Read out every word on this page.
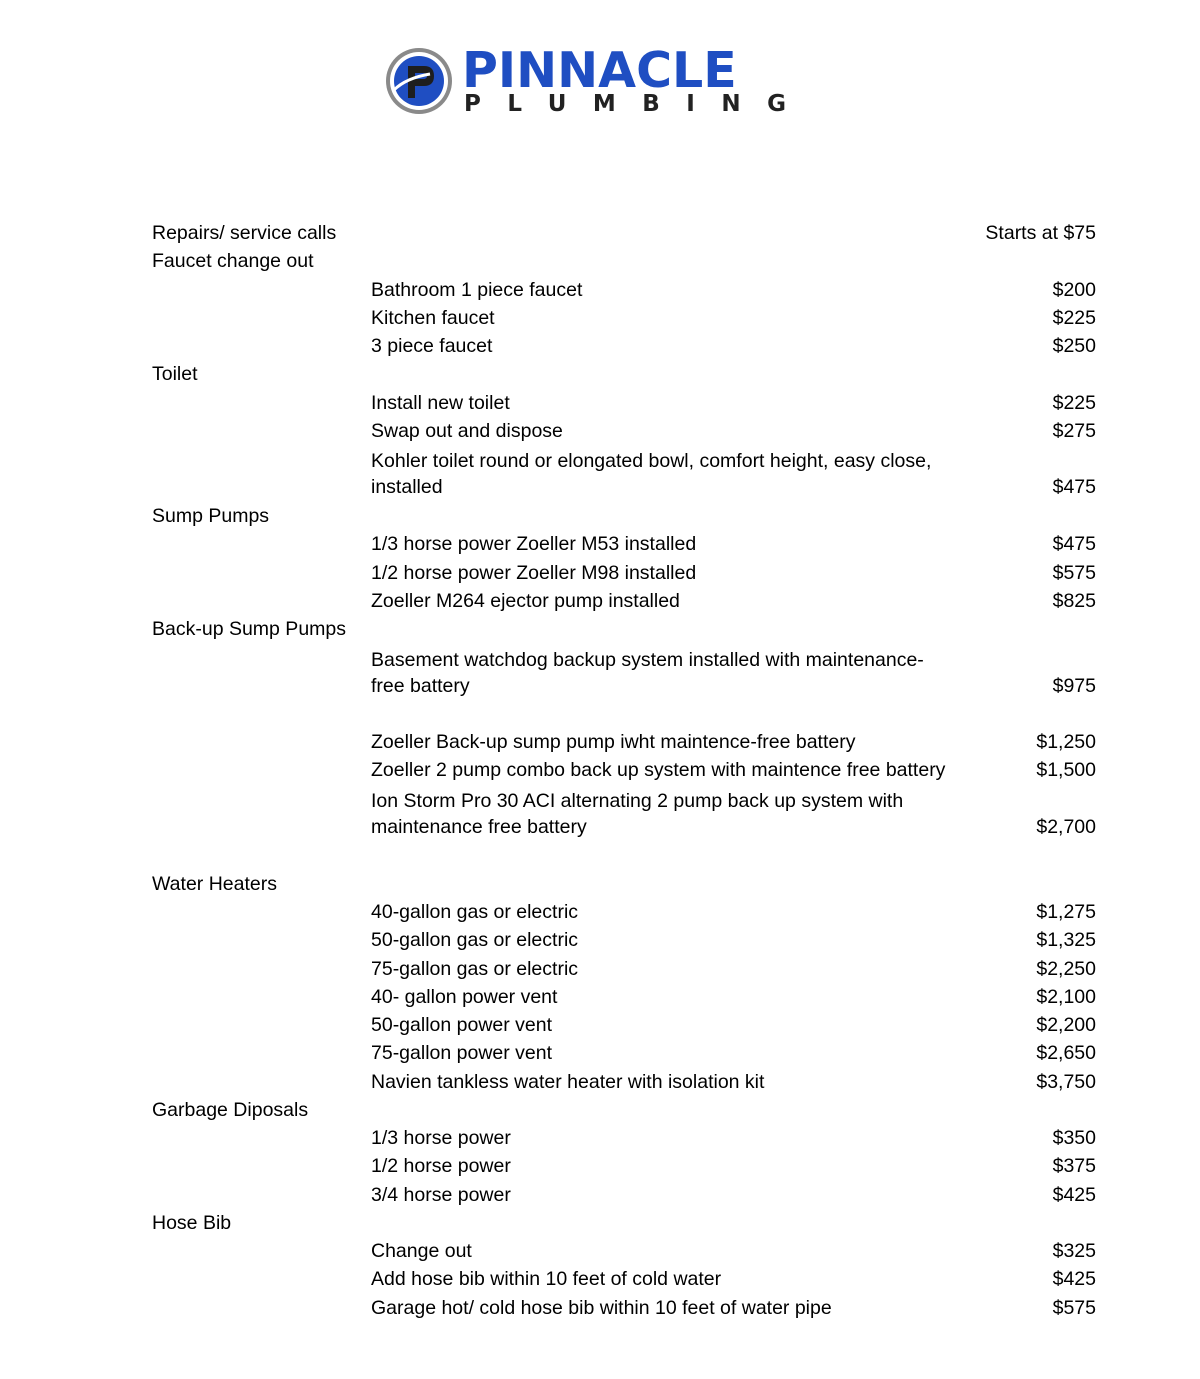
PINNACLE
PLUMBING
Repairs/ service calls	Starts at $75
Faucet change out
Bathroom 1 piece faucet	$200
Kitchen faucet	$225
3 piece faucet	$250
Toilet
Install new toilet	$225
Swap out and dispose	$275
Kohler toilet round or elongated bowl, comfort height, easy close,
installed	$475
Sump Pumps
1/3 horse power Zoeller M53 installed	$475
1/2 horse power Zoeller M98 installed	$575
Zoeller M264 ejector pump installed	$825
Back-up Sump Pumps
Basement watchdog backup system installed with maintenance-
free battery	$975
Zoeller Back-up sump pump iwht maintence-free battery	$1,250
Zoeller 2 pump combo back up system with maintence free battery	$1,500
Ion Storm Pro 30 ACI alternating 2 pump back up system with
maintenance free battery	$2,700
Water Heaters
40-gallon gas or electric	$1,275
50-gallon gas or electric	$1,325
75-gallon gas or electric	$2,250
40- gallon power vent	$2,100
50-gallon power vent	$2,200
75-gallon power vent	$2,650
Navien tankless water heater with isolation kit	$3,750
Garbage Diposals
1/3 horse power	$350
1/2 horse power	$375
3/4 horse power	$425
Hose Bib
Change out	$325
Add hose bib within 10 feet of cold water	$425
Garage hot/ cold hose bib within 10 feet of water pipe	$575
